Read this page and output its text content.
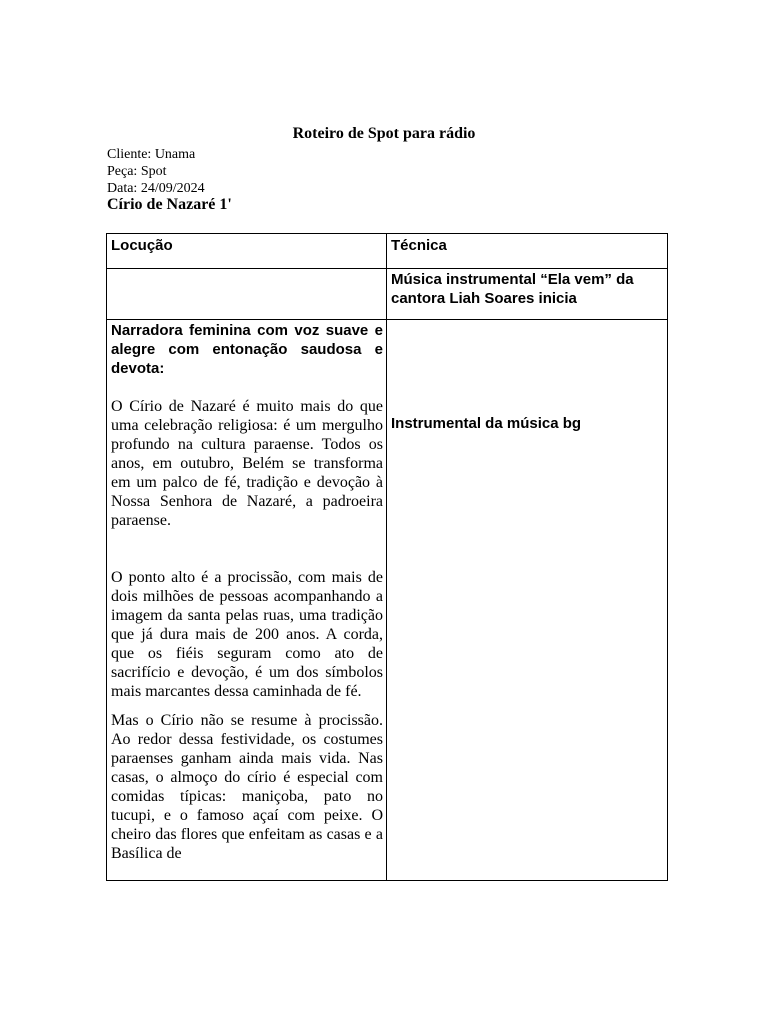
Roteiro de Spot para rádio
Cliente: Unama
Peça: Spot
Data: 24/09/2024
Círio de Nazaré 1'
Locução	Técnica
Música instrumental “Ela vem” da cantora Liah Soares inicia

Narradora feminina com voz suave e alegre com entonação saudosa e devota:

O Círio de Nazaré é muito mais do que uma celebração religiosa: é um mergulho profundo na cultura paraense. Todos os anos, em outubro, Belém se transforma em um palco de fé, tradição e devoção à Nossa Senhora de Nazaré, a padroeira paraense.

O ponto alto é a procissão, com mais de dois milhões de pessoas acompanhando a imagem da santa pelas ruas, uma tradição que já dura mais de 200 anos. A corda, que os fiéis seguram como ato de sacrifício e devoção, é um dos símbolos mais marcantes dessa caminhada de fé.

Mas o Círio não se resume à procissão. Ao redor dessa festividade, os costumes paraenses ganham ainda mais vida. Nas casas, o almoço do círio é especial com comidas típicas: maniçoba, pato no tucupi, e o famoso açaí com peixe. O cheiro das flores que enfeitam as casas e a Basílica de

Instrumental da música bg
